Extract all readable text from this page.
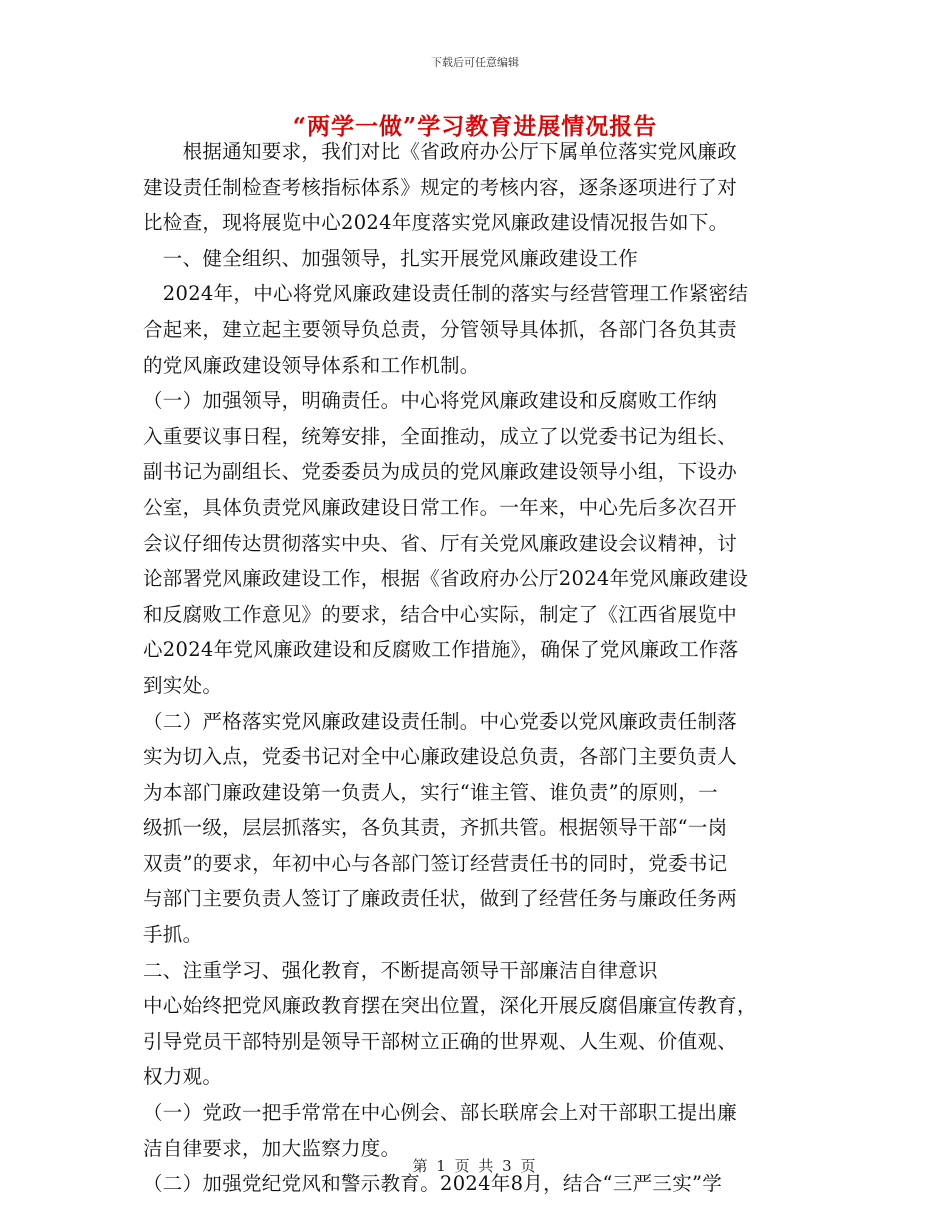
下载后可任意编辑
“两学一做”学习教育进展情况报告
　　根据通知要求，我们对比《省政府办公厅下属单位落实党风廉政
建设责任制检查考核指标体系》规定的考核内容，逐条逐项进行了对
比检查，现将展览中心2024年度落实党风廉政建设情况报告如下。
　一、健全组织、加强领导，扎实开展党风廉政建设工作
　2024年，中心将党风廉政建设责任制的落实与经营管理工作紧密结
合起来，建立起主要领导负总责，分管领导具体抓，各部门各负其责
的党风廉政建设领导体系和工作机制。
（一）加强领导，明确责任。中心将党风廉政建设和反腐败工作纳
入重要议事日程，统筹安排，全面推动，成立了以党委书记为组长、
副书记为副组长、党委委员为成员的党风廉政建设领导小组，下设办
公室，具体负责党风廉政建设日常工作。一年来，中心先后多次召开
会议仔细传达贯彻落实中央、省、厅有关党风廉政建设会议精神，讨
论部署党风廉政建设工作，根据《省政府办公厅2024年党风廉政建设
和反腐败工作意见》的要求，结合中心实际，制定了《江西省展览中
心2024年党风廉政建设和反腐败工作措施》，确保了党风廉政工作落
到实处。
（二）严格落实党风廉政建设责任制。中心党委以党风廉政责任制落
实为切入点，党委书记对全中心廉政建设总负责，各部门主要负责人
为本部门廉政建设第一负责人，实行“谁主管、谁负责”的原则，一
级抓一级，层层抓落实，各负其责，齐抓共管。根据领导干部“一岗
双责”的要求，年初中心与各部门签订经营责任书的同时，党委书记
与部门主要负责人签订了廉政责任状，做到了经营任务与廉政任务两
手抓。
二、注重学习、强化教育，不断提高领导干部廉洁自律意识
中心始终把党风廉政教育摆在突出位置，深化开展反腐倡廉宣传教育，
引导党员干部特别是领导干部树立正确的世界观、人生观、价值观、
权力观。
（一）党政一把手常常在中心例会、部长联席会上对干部职工提出廉
洁自律要求，加大监察力度。
（二）加强党纪党风和警示教育。2024年8月，结合“三严三实”学
第 1 页 共 3 页
